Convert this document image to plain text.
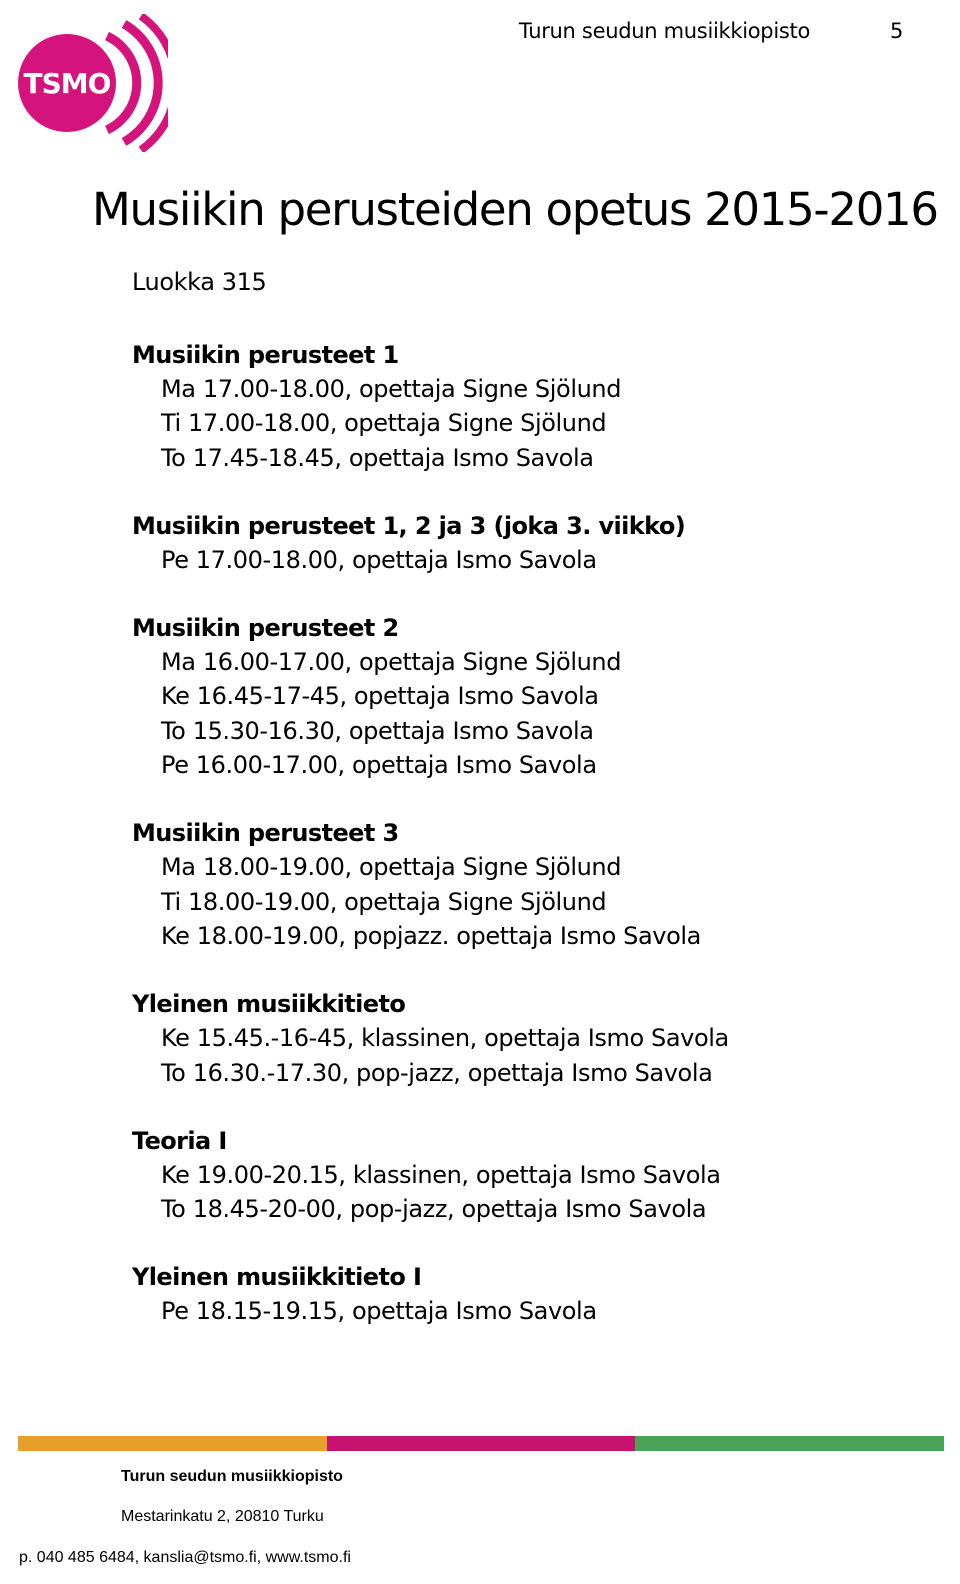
TSMO
Turun seudun musiikkiopisto	5
Musiikin perusteiden opetus 2015-2016
Luokka 315
Musiikin perusteet 1
Ma 17.00-18.00, opettaja Signe Sjölund
Ti 17.00-18.00, opettaja Signe Sjölund
To 17.45-18.45, opettaja Ismo Savola
Musiikin perusteet 1, 2 ja 3 (joka 3. viikko)
Pe 17.00-18.00, opettaja Ismo Savola
Musiikin perusteet 2
Ma 16.00-17.00, opettaja Signe Sjölund
Ke 16.45-17-45, opettaja Ismo Savola
To 15.30-16.30, opettaja Ismo Savola
Pe 16.00-17.00, opettaja Ismo Savola
Musiikin perusteet 3
Ma 18.00-19.00, opettaja Signe Sjölund
Ti 18.00-19.00, opettaja Signe Sjölund
Ke 18.00-19.00, popjazz. opettaja Ismo Savola
Yleinen musiikkitieto
Ke 15.45.-16-45, klassinen, opettaja Ismo Savola
To 16.30.-17.30, pop-jazz, opettaja Ismo Savola
Teoria I
Ke 19.00-20.15, klassinen, opettaja Ismo Savola
To 18.45-20-00, pop-jazz, opettaja Ismo Savola
Yleinen musiikkitieto I
Pe 18.15-19.15, opettaja Ismo Savola
Turun seudun musiikkiopisto
Mestarinkatu 2, 20810 Turku
p. 040 485 6484, kanslia@tsmo.fi, www.tsmo.fi
